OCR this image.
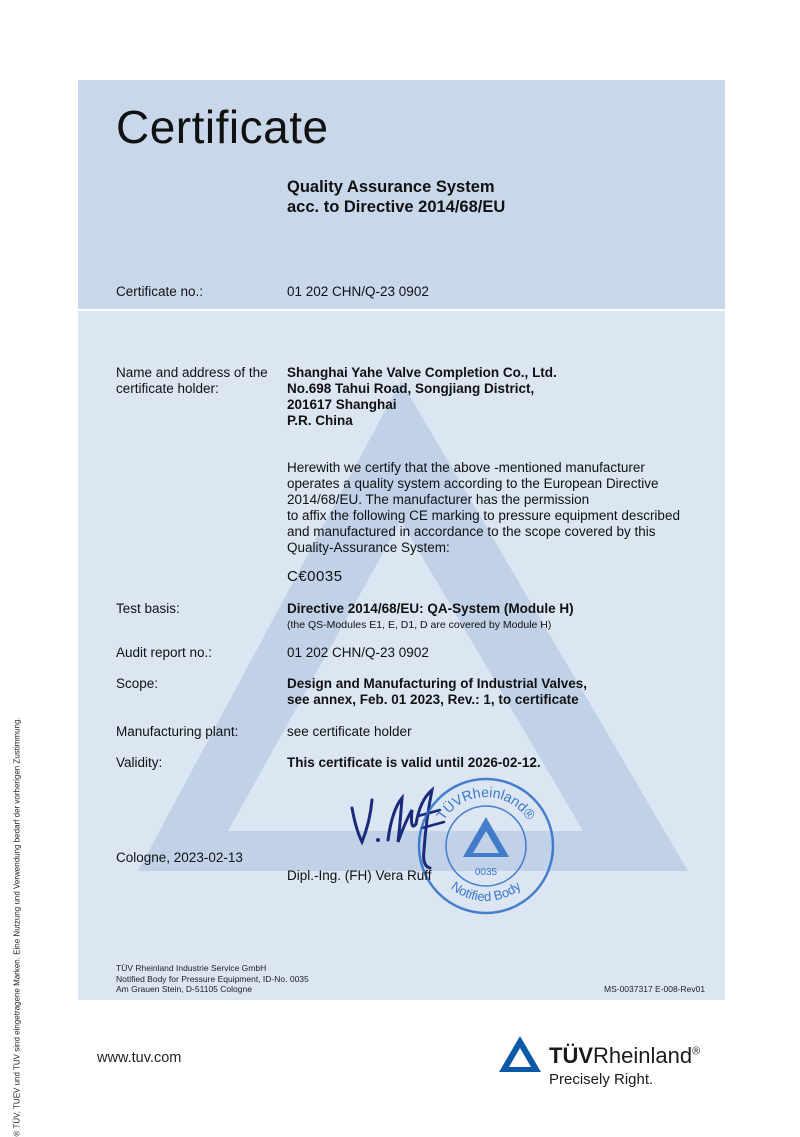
Certificate
Quality Assurance System
acc. to Directive 2014/68/EU
Certificate no.:	01 202 CHN/Q-23 0902
Name and address of the
certificate holder:
Shanghai Yahe Valve Completion Co., Ltd.
No.698 Tahui Road, Songjiang District,
201617 Shanghai
P.R. China
Herewith we certify that the above -mentioned manufacturer
operates a quality system according to the European Directive
2014/68/EU. The manufacturer has the permission
to affix the following CE marking to pressure equipment described
and manufactured in accordance to the scope covered by this
Quality-Assurance System:
C€0035
Test basis:	Directive 2014/68/EU: QA-System (Module H)
(the QS-Modules E1, E, D1, D are covered by Module H)
Audit report no.:	01 202 CHN/Q-23 0902
Scope:	Design and Manufacturing of Industrial Valves,
see annex, Feb. 01 2023, Rev.: 1, to certificate
Manufacturing plant:	see certificate holder
Validity:	This certificate is valid until 2026-02-12.
Cologne, 2023-02-13
TÜVRheinland®
0035
Notified Body
Dipl.-Ing. (FH) Vera Ruff
TÜV Rheinland Industrie Service GmbH
Notified Body for Pressure Equipment, ID-No. 0035
Am Grauen Stein, D-51105 Cologne	MS-0037317 E-008-Rev01
® TÜV, TUEV und TUV sind eingetragene Marken. Eine Nutzung und Verwendung bedarf der vorherigen Zustimmung.	www.tuv.com	TÜVRheinland®
Precisely Right.
